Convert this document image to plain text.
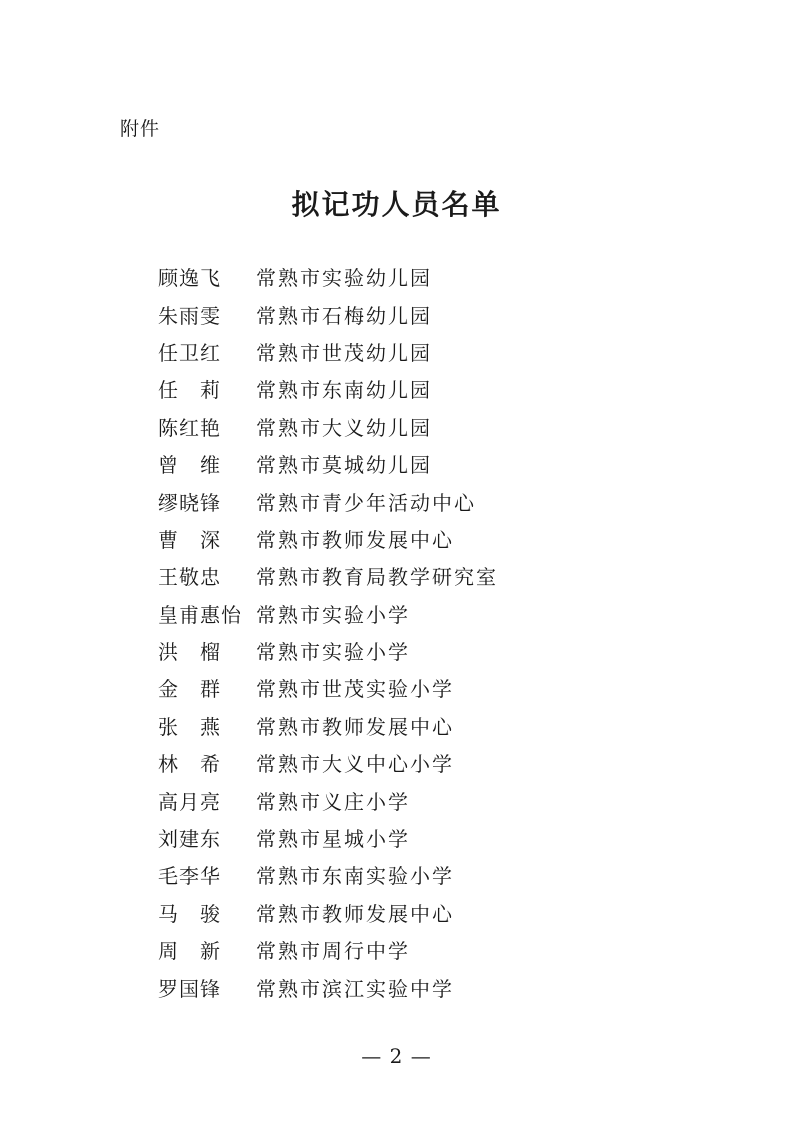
附件
拟记功人员名单
顾逸飞	常熟市实验幼儿园
朱雨雯	常熟市石梅幼儿园
任卫红	常熟市世茂幼儿园
任　莉	常熟市东南幼儿园
陈红艳	常熟市大义幼儿园
曾　维	常熟市莫城幼儿园
缪晓锋	常熟市青少年活动中心
曹　深	常熟市教师发展中心
王敬忠	常熟市教育局教学研究室
皇甫惠怡 常熟市实验小学
洪　榴	常熟市实验小学
金　群	常熟市世茂实验小学
张　燕	常熟市教师发展中心
林　希	常熟市大义中心小学
高月亮	常熟市义庄小学
刘建东	常熟市星城小学
毛李华	常熟市东南实验小学
马　骏	常熟市教师发展中心
周　新	常熟市周行中学
罗国锋	常熟市滨江实验中学
— 2 —
